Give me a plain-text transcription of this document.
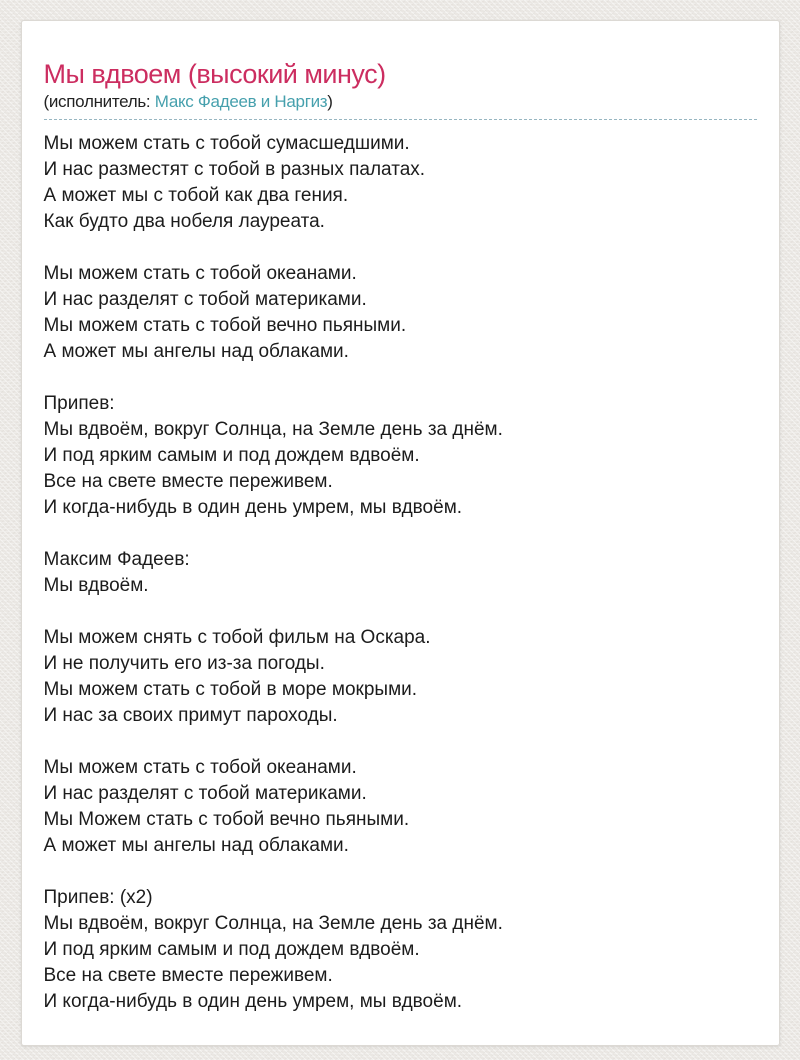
Мы вдвоем (высокий минус)
(исполнитель: Макс Фадеев и Наргиз)
Мы можем стать с тобой сумасшедшими.
И нас разместят с тобой в разных палатах.
А может мы с тобой как два гения.
Как будто два нобеля лауреата.
Мы можем стать с тобой океанами.
И нас разделят с тобой материками.
Мы можем стать с тобой вечно пьяными.
А может мы ангелы над облаками.
Припев:
Мы вдвоём, вокруг Солнца, на Земле день за днём.
И под ярким самым и под дождем вдвоём.
Все на свете вместе переживем.
И когда-нибудь в один день умрем, мы вдвоём.
Максим Фадеев:
Мы вдвоём.
Мы можем снять с тобой фильм на Оскара.
И не получить его из-за погоды.
Мы можем стать с тобой в море мокрыми.
И нас за своих примут пароходы.
Мы можем стать с тобой океанами.
И нас разделят с тобой материками.
Мы Можем стать с тобой вечно пьяными.
А может мы ангелы над облаками.
Припев: (x2)
Мы вдвоём, вокруг Солнца, на Земле день за днём.
И под ярким самым и под дождем вдвоём.
Все на свете вместе переживем.
И когда-нибудь в один день умрем, мы вдвоём.
